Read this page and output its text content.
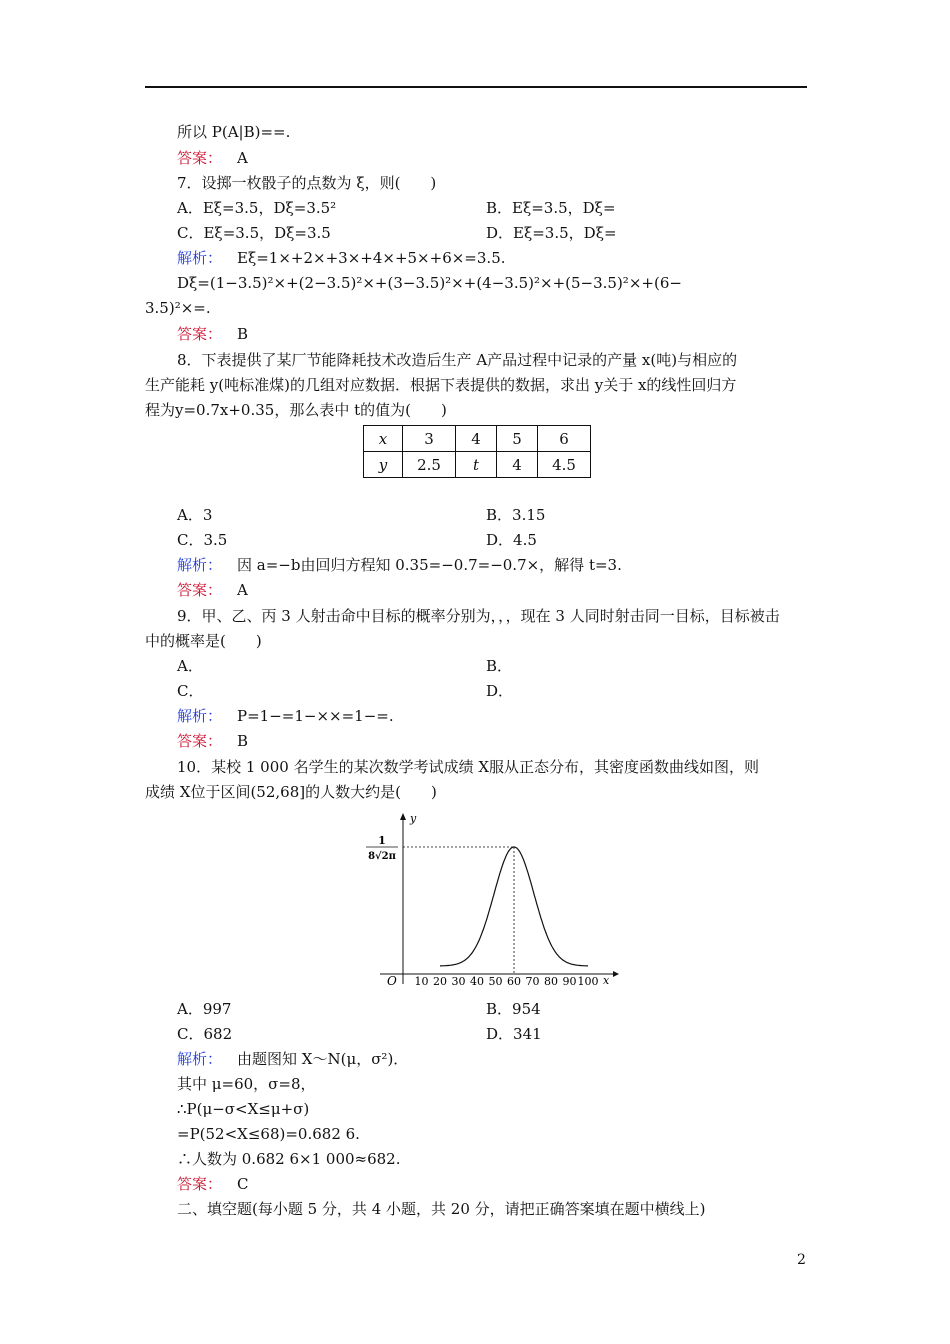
所以 P(A|B)==.
答案：  A
7．设掷一枚骰子的点数为 ξ，则(　　)
A．Eξ=3.5，Dξ=3.5²	B．Eξ=3.5，Dξ=
C．Eξ=3.5，Dξ=3.5	D．Eξ=3.5，Dξ=
解析：  Eξ=1×+2×+3×+4×+5×+6×=3.5.
Dξ=(1−3.5)²×+(2−3.5)²×+(3−3.5)²×+(4−3.5)²×+(5−3.5)²×+(6−
3.5)²×=.
答案：  B
8．下表提供了某厂节能降耗技术改造后生产 A产品过程中记录的产量 x(吨)与相应的
生产能耗 y(吨标准煤)的几组对应数据．根据下表提供的数据，求出 y关于 x的线性回归方
程为y=0.7x+0.35，那么表中 t的值为(　　)
x	3	4	5	6
y	2.5	t	4	4.5
A．3	B．3.15
C．3.5	D．4.5
解析：  因 a=−b由回归方程知 0.35=−0.7=−0.7×，解得 t=3.
答案：  A
9．甲、乙、丙 3 人射击命中目标的概率分别为，，，现在 3 人同时射击同一目标，目标被击
中的概率是(　　)
A．	B．
C．	D．
解析：  P=1−=1−××=1−=.
答案：  B
10．某校 1 000 名学生的某次数学考试成绩 X服从正态分布，其密度函数曲线如图，则
成绩 X位于区间(52,68]的人数大约是(　　)
y
x
O
1
8√2π
10 20 30 40 50 60 70 80 90 100
A．997	B．954
C．682	D．341
解析：  由题图知 X～N(μ，σ²)．
其中 μ=60，σ=8，
∴P(μ−σ<X≤μ+σ)
=P(52<X≤68)=0.682 6.
∴人数为 0.682 6×1 000≈682.
答案：  C
二、填空题(每小题 5 分，共 4 小题，共 20 分，请把正确答案填在题中横线上)
2
